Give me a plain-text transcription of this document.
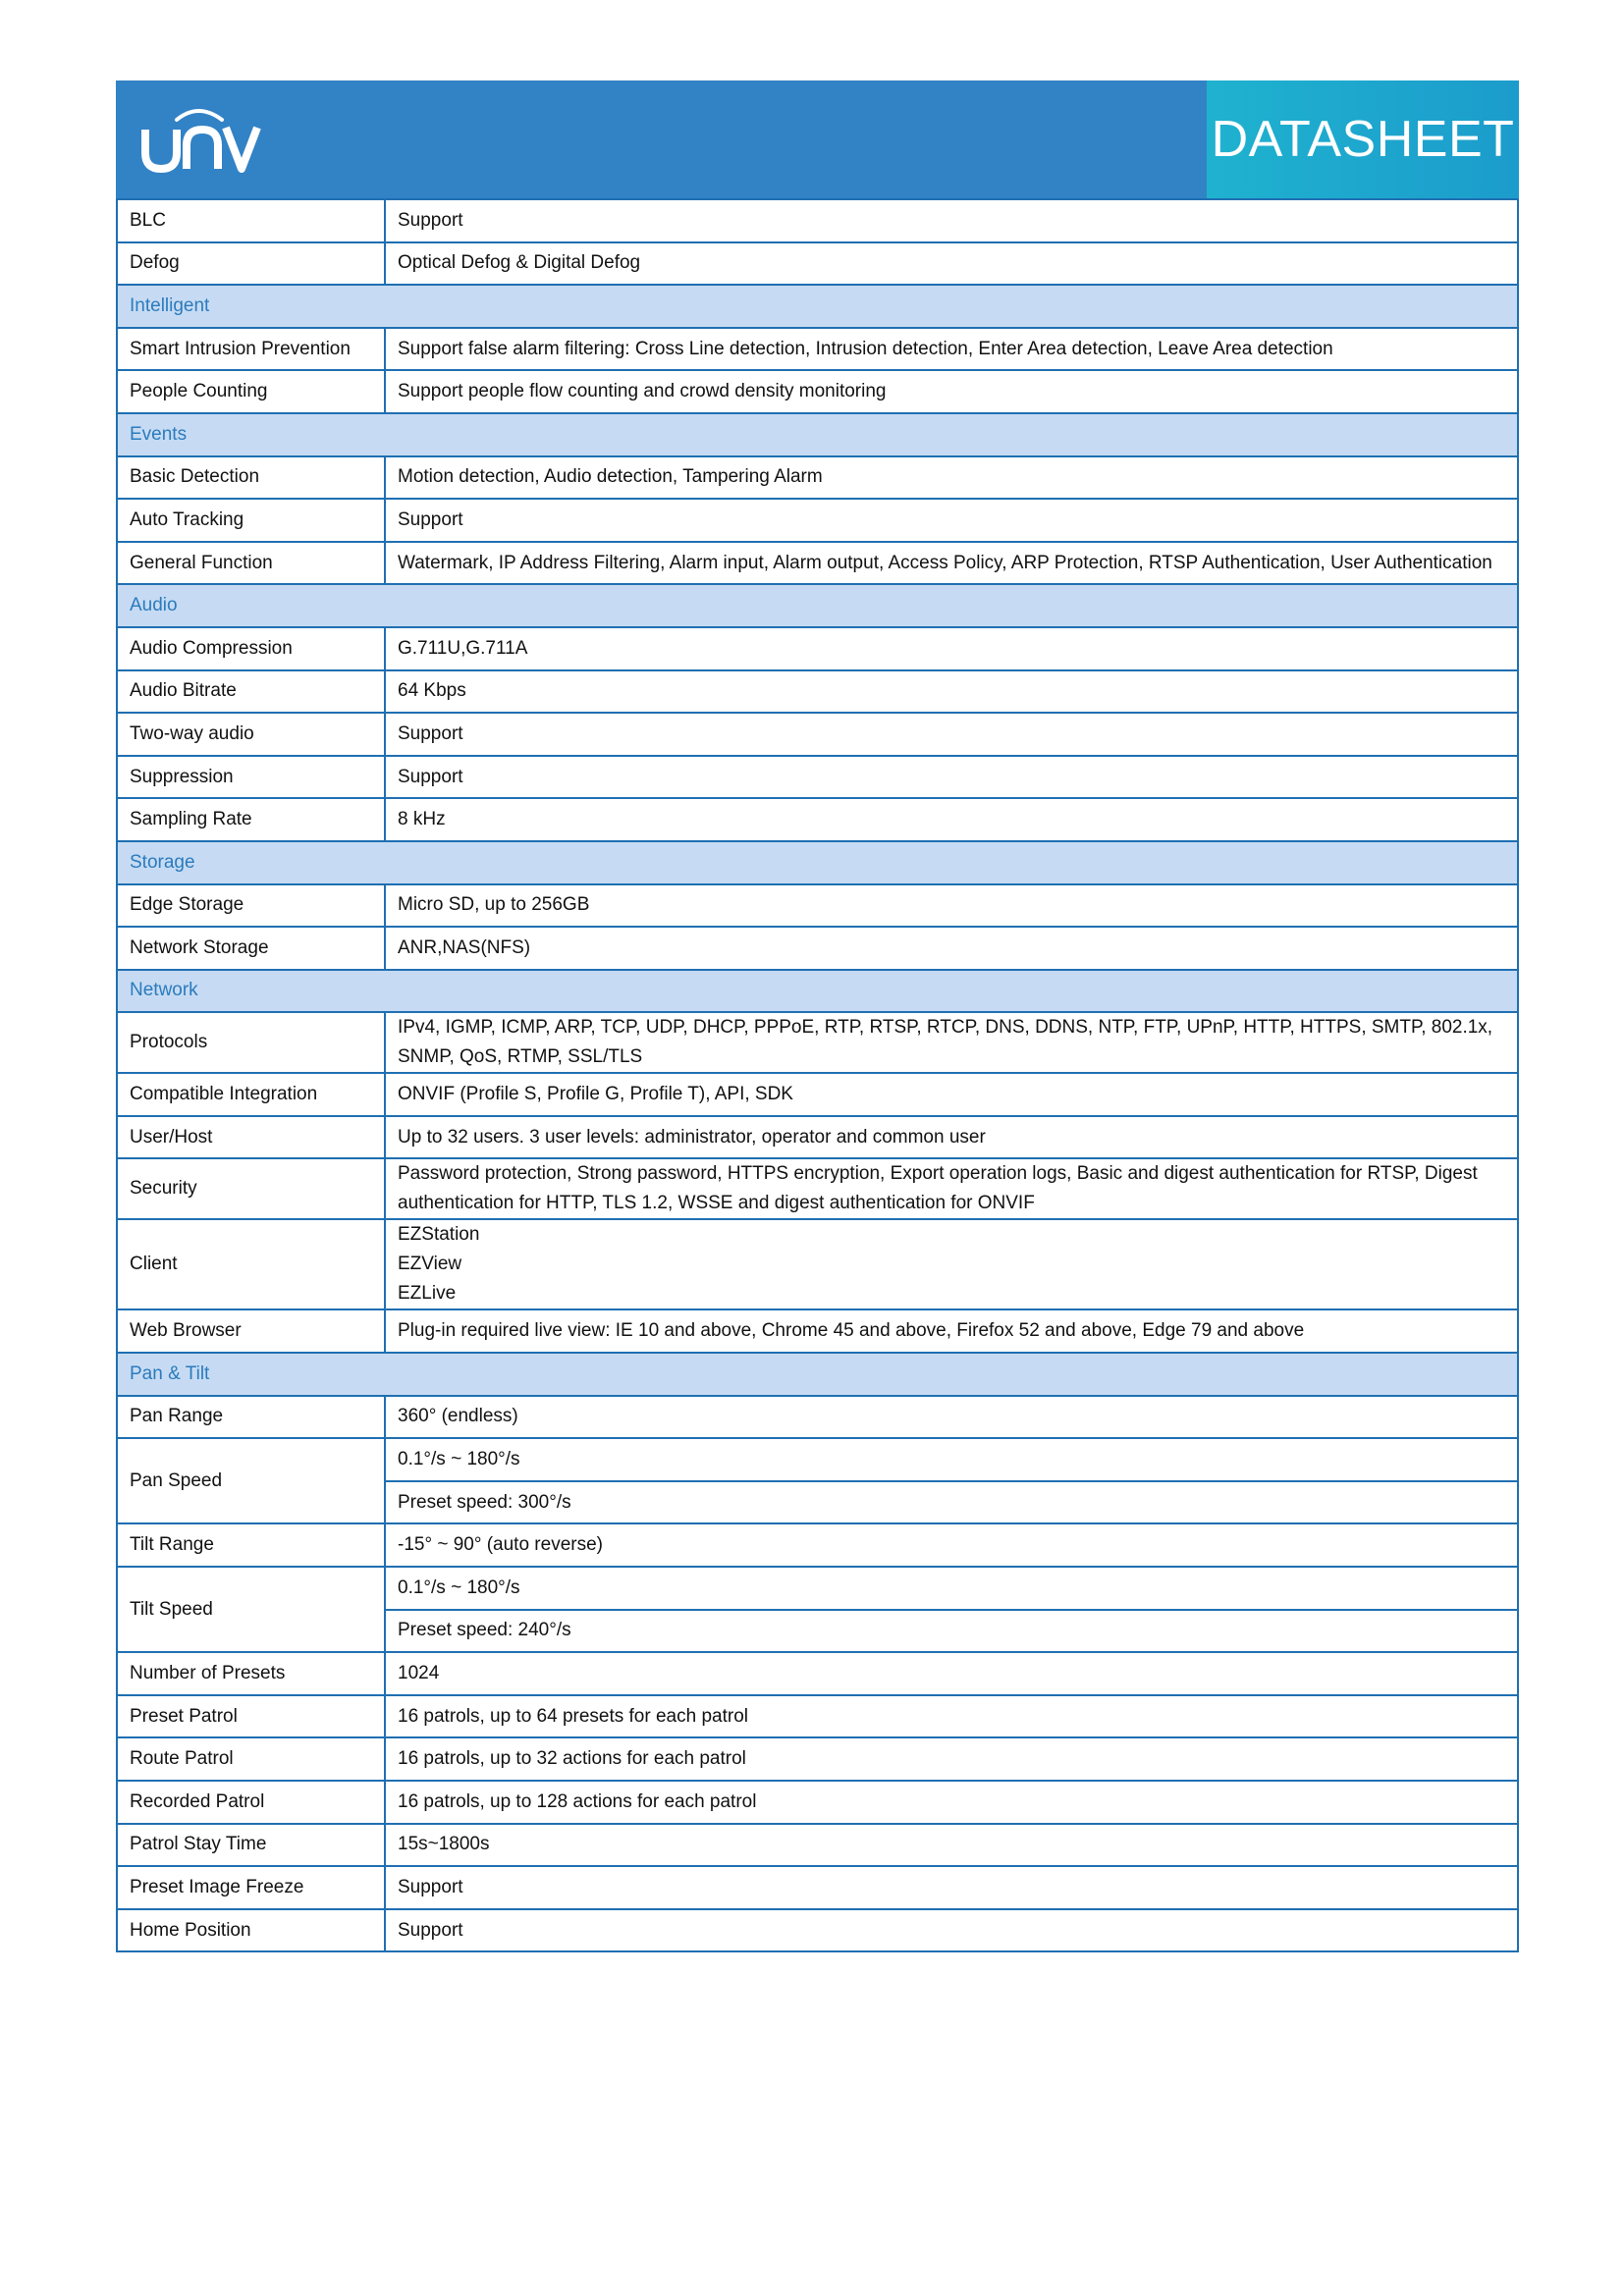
DATASHEET
BLC	Support
Defog	Optical Defog & Digital Defog
Intelligent	
Smart Intrusion Prevention	Support false alarm filtering: Cross Line detection, Intrusion detection, Enter Area detection, Leave Area detection
People Counting	Support people flow counting and crowd density monitoring
Events	
Basic Detection	Motion detection, Audio detection, Tampering Alarm
Auto Tracking	Support
General Function	Watermark, IP Address Filtering, Alarm input, Alarm output, Access Policy, ARP Protection, RTSP Authentication, User Authentication
Audio	
Audio Compression	G.711U,G.711A
Audio Bitrate	64 Kbps
Two-way audio	Support
Suppression	Support
Sampling Rate	8 kHz
Storage	
Edge Storage	Micro SD, up to 256GB
Network Storage	ANR,NAS(NFS)
Network	
Protocols	IPv4, IGMP, ICMP, ARP, TCP, UDP, DHCP, PPPoE, RTP, RTSP, RTCP, DNS, DDNS, NTP, FTP, UPnP, HTTP, HTTPS, SMTP, 802.1x, SNMP, QoS, RTMP, SSL/TLS
Compatible Integration	ONVIF (Profile S, Profile G, Profile T), API, SDK
User/Host	Up to 32 users. 3 user levels: administrator, operator and common user
Security	Password protection, Strong password, HTTPS encryption, Export operation logs, Basic and digest authentication for RTSP, Digest authentication for HTTP, TLS 1.2, WSSE and digest authentication for ONVIF
Client	EZStation
EZView
EZLive

Web Browser	Plug-in required live view: IE 10 and above, Chrome 45 and above, Firefox 52 and above, Edge 79 and above
Pan & Tilt	
Pan Range	360° (endless)
Pan Speed	0.1°/s ~ 180°/s
	Preset speed: 300°/s
Tilt Range	-15° ~ 90° (auto reverse)
Tilt Speed	0.1°/s ~ 180°/s
	Preset speed: 240°/s
Number of Presets	1024
Preset Patrol	16 patrols, up to 64 presets for each patrol
Route Patrol	16 patrols, up to 32 actions for each patrol
Recorded Patrol	16 patrols, up to 128 actions for each patrol
Patrol Stay Time	15s~1800s
Preset Image Freeze	Support
Home Position	Support
